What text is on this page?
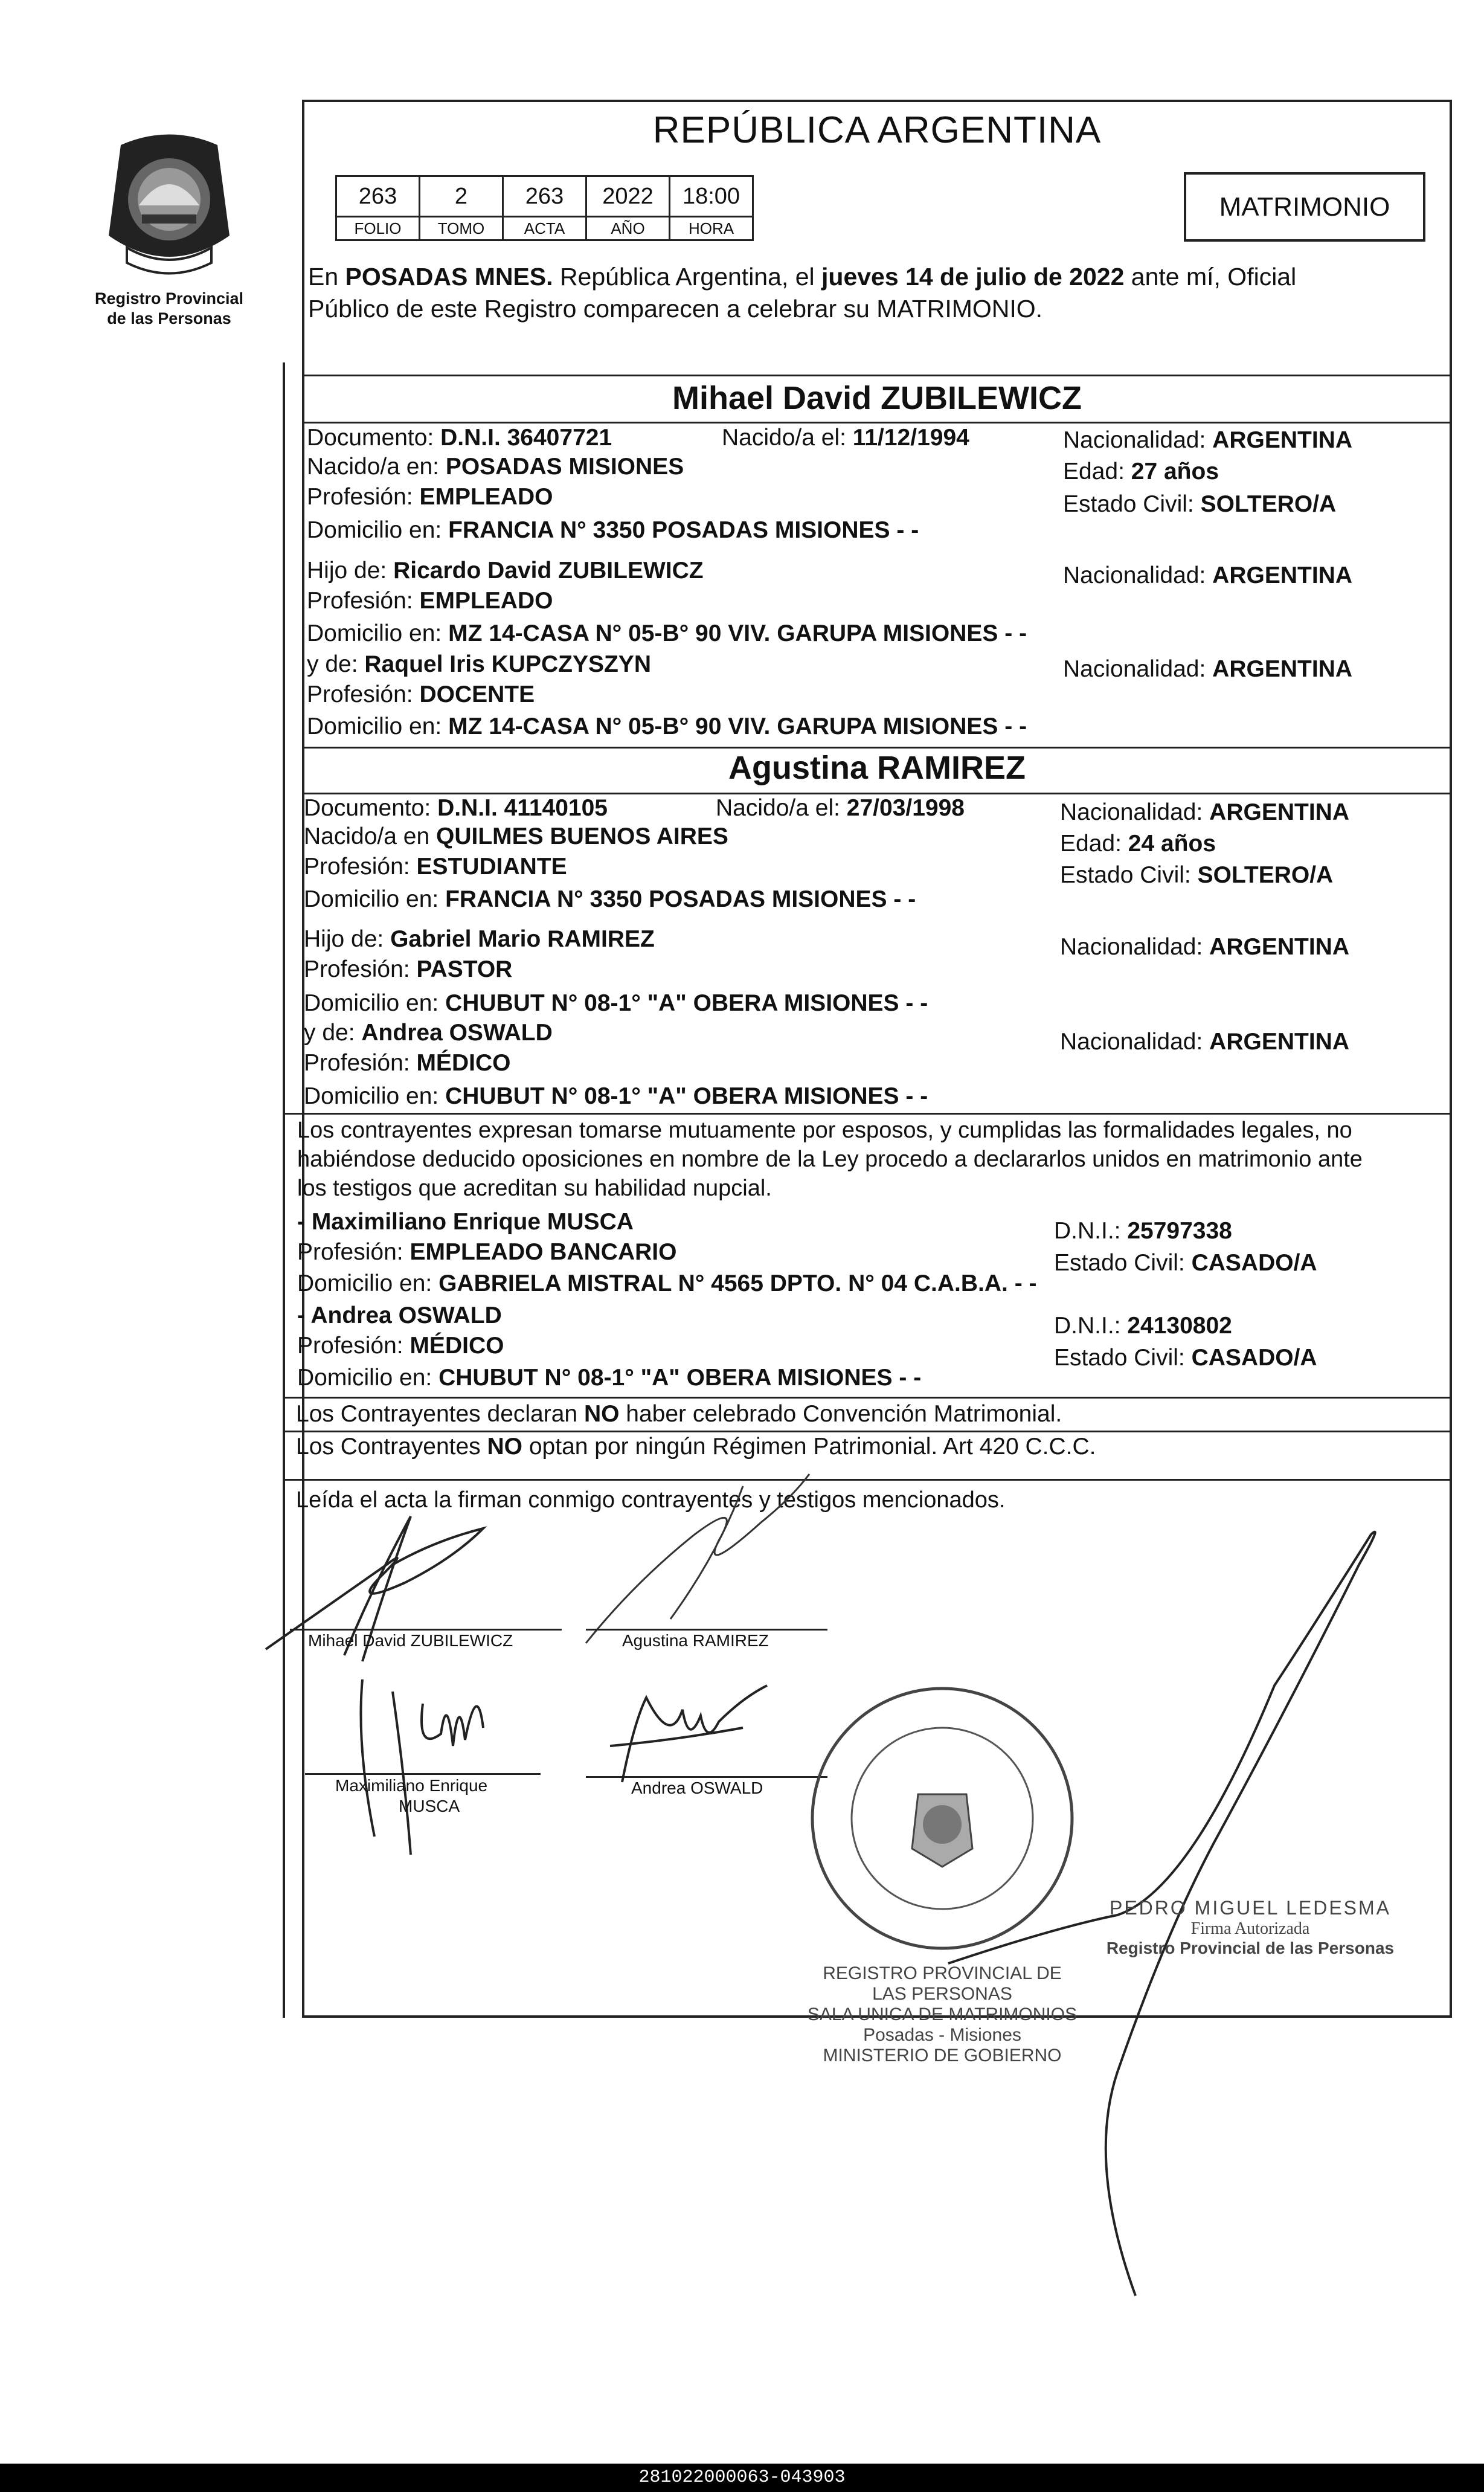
Registro Provincial
de las Personas
REPÚBLICA ARGENTINA
263	2	263	2022	18:00
FOLIO	TOMO	ACTA	AÑO	HORA
MATRIMONIO
En POSADAS MNES. República Argentina, el jueves 14 de julio de 2022 ante mí, Oficial
Público de este Registro comparecen a celebrar su MATRIMONIO.
Mihael David ZUBILEWICZ
Documento: D.N.I. 36407721	Nacido/a el: 11/12/1994	Nacionalidad: ARGENTINA
Nacido/a en: POSADAS MISIONES	Edad: 27 años
Profesión: EMPLEADO	Estado Civil: SOLTERO/A
Domicilio en: FRANCIA N° 3350 POSADAS MISIONES - -
Hijo de: Ricardo David ZUBILEWICZ	Nacionalidad: ARGENTINA
Profesión: EMPLEADO
Domicilio en: MZ 14-CASA N° 05-B° 90 VIV. GARUPA MISIONES - -
y de: Raquel Iris KUPCZYSZYN	Nacionalidad: ARGENTINA
Profesión: DOCENTE
Domicilio en: MZ 14-CASA N° 05-B° 90 VIV. GARUPA MISIONES - -
Agustina RAMIREZ
Documento: D.N.I. 41140105	Nacido/a el: 27/03/1998	Nacionalidad: ARGENTINA
Nacido/a en QUILMES BUENOS AIRES	Edad: 24 años
Profesión: ESTUDIANTE	Estado Civil: SOLTERO/A
Domicilio en: FRANCIA N° 3350 POSADAS MISIONES - -
Hijo de: Gabriel Mario RAMIREZ	Nacionalidad: ARGENTINA
Profesión: PASTOR
Domicilio en: CHUBUT N° 08-1° "A" OBERA MISIONES - -
y de: Andrea OSWALD	Nacionalidad: ARGENTINA
Profesión: MÉDICO
Domicilio en: CHUBUT N° 08-1° "A" OBERA MISIONES - -
Los contrayentes expresan tomarse mutuamente por esposos, y cumplidas las formalidades legales, no
habiéndose deducido oposiciones en nombre de la Ley procedo a declararlos unidos en matrimonio ante
los testigos que acreditan su habilidad nupcial.
- Maximiliano Enrique MUSCA	D.N.I.: 25797338
Profesión: EMPLEADO BANCARIO	Estado Civil: CASADO/A
Domicilio en: GABRIELA MISTRAL N° 4565 DPTO. N° 04 C.A.B.A. - -
- Andrea OSWALD	D.N.I.: 24130802
Profesión: MÉDICO	Estado Civil: CASADO/A
Domicilio en: CHUBUT N° 08-1° "A" OBERA MISIONES - -
Los Contrayentes declaran NO haber celebrado Convención Matrimonial.
Los Contrayentes NO optan por ningún Régimen Patrimonial. Art 420 C.C.C.
Leída el acta la firman conmigo contrayentes y testigos mencionados.
Mihael David ZUBILEWICZ	Agustina RAMIREZ
Maximiliano Enrique
MUSCA
Andrea OSWALD
REGISTRO PROVINCIAL DE LAS PERSONAS
SALA UNICA DE MATRIMONIOS
Posadas - Misiones
MINISTERIO DE GOBIERNO
PEDRO MIGUEL LEDESMA
Firma Autorizada
Registro Provincial de las Personas
281022000063-043903
